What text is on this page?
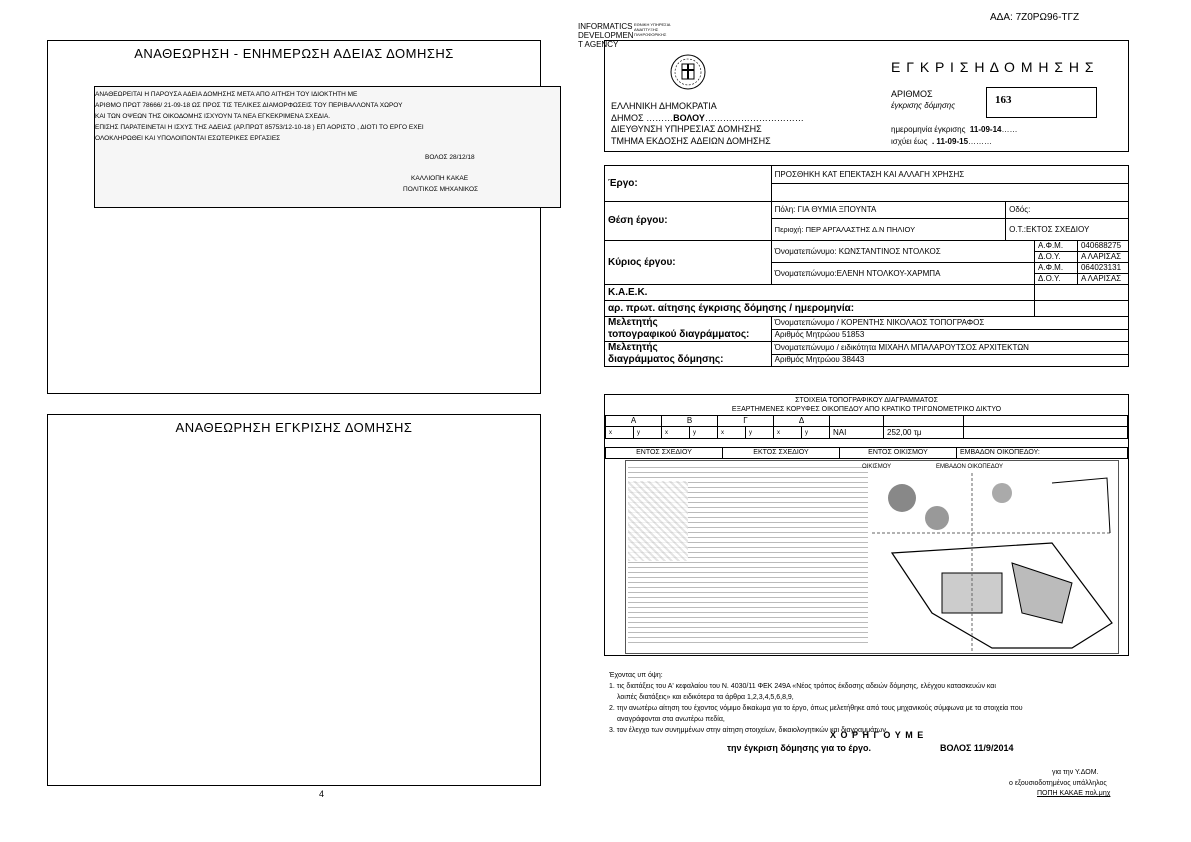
ΑΔΑ: 7Ζ0ΡΩ96-ΤΓΖ
INFORMATICS
DEVELOPMEN
T AGENCY
ΕΘΝΙΚΗ ΥΠΗΡΕΣΙΑ
ΑΝΑΠΤΥΞΗΣ
ΠΛΗΡΟΦΟΡΙΚΗΣ
ΑΝΑΘΕΩΡΗΣΗ - ΕΝΗΜΕΡΩΣΗ ΑΔΕΙΑΣ ΔΟΜΗΣΗΣ
ΑΝΑΘΕΩΡΕΙΤΑΙ Η ΠΑΡΟΥΣΑ ΑΔΕΙΑ ΔΟΜΗΣΗΣ ΜΕΤΑ ΑΠΟ ΑΙΤΗΣΗ ΤΟΥ ΙΔΙΟΚΤΗΤΗ ΜΕ
ΑΡΙΘΜΟ ΠΡΩΤ 78666/ 21-09-18 ΩΣ ΠΡΟΣ ΤΙΣ ΤΕΛΙΚΕΣ ΔΙΑΜΟΡΦΩΣΕΙΣ ΤΟΥ ΠΕΡΙΒΑΛΛΟΝΤΑ ΧΩΡΟΥ
ΚΑΙ ΤΩΝ ΟΨΕΩΝ ΤΗΣ ΟΙΚΟΔΟΜΗΣ ΙΣΧΥΟΥΝ ΤΑ ΝΕΑ ΕΓΚΕΚΡΙΜΕΝΑ ΣΧΕΔΙΑ.
ΕΠΙΣΗΣ ΠΑΡΑΤΕΙΝΕΤΑΙ Η ΙΣΧΥΣ ΤΗΣ ΑΔΕΙΑΣ (ΑΡ.ΠΡΩΤ 85753/12-10-18 ) ΕΠ ΑΟΡΙΣΤΟ , ΔΙΟΤΙ ΤΟ ΕΡΓΟ ΕΧΕΙ
ΟΛΟΚΛΗΡΩΘΕΙ ΚΑΙ ΥΠΟΛΟΙΠΟΝΤΑΙ ΕΣΩΤΕΡΙΚΕΣ ΕΡΓΑΣΙΕΣ
ΒΟΛΟΣ 28/12/18
ΚΑΛΛΙΟΠΗ ΚΑΚΑΕ
ΠΟΛΙΤΙΚΟΣ ΜΗΧΑΝΙΚΟΣ
ΑΝΑΘΕΩΡΗΣΗ ΕΓΚΡΙΣΗΣ ΔΟΜΗΣΗΣ
4
ΕΛΛΗΝΙΚΗ ΔΗΜΟΚΡΑΤΙΑ
ΔΗΜΟΣ ………ΒΟΛΟΥ……………………………
ΔΙΕΥΘΥΝΣΗ ΥΠΗΡΕΣΙΑΣ ΔΟΜΗΣΗΣ
ΤΜΗΜΑ ΕΚΔΟΣΗΣ ΑΔΕΙΩΝ ΔΟΜΗΣΗΣ
Ε Γ Κ Ρ Ι Σ Η Δ Ο Μ Η Σ Η Σ
ΑΡΙΘΜΟΣ
έγκρισης δόμησης	163
ημερομηνία έγκρισης 11-09-14……
ισχύει έως . 11-09-15………
Έργο:	ΠΡΟΣΘΗΚΗ ΚΑΤ ΕΠΕΚΤΑΣΗ ΚΑΙ ΑΛΛΑΓΗ ΧΡΗΣΗΣ			

Θέση έργου:	Πόλη: ΓΙΑ ΘΥΜΙΑ ΞΠΟΥΝΤΑ	Οδός:		
	Περιοχή: ΠΕΡ ΑΡΓΑΛΑΣΤΗΣ Δ.Ν ΠΗΛΙΟΥ	Ο.Τ.:ΕΚΤΟΣ ΣΧΕΔΙΟΥ		
Κύριος έργου:	Όνοματεπώνυμο: ΚΩΝΣΤΑΝΤΙΝΟΣ ΝΤΟΛΚΟΣ		Α.Φ.Μ.	040688275
			Δ.Ο.Υ.	Α ΛΑΡΙΣΑΣ
	Όνοματεπώνυμο:ΕΛΕΝΗ ΝΤΟΛΚΟΥ-ΧΑΡΜΠΑ		Α.Φ.Μ.	064023131
			Δ.Ο.Υ.	Α ΛΑΡΙΣΑΣ
Κ.Α.Ε.Κ.				
αρ. πρωτ. αίτησης έγκρισης δόμησης / ημερομηνία:				

Μελετητής
τοπογραφικού διαγράμματος:	Όνοματεπώνυμο / ΚΟΡΕΝΤΗΣ ΝΙΚΟΛΑΟΣ ΤΟΠΟΓΡΑΦΟΣ			
	Αριθμός Μητρώου 51853			

Μελετητής
διαγράμματος δόμησης:	Όνοματεπώνυμο / ειδικότητα ΜΙΧΑΗΛ ΜΠΑΛΑΡΟΥΤΣΟΣ ΑΡΧΙΤΕΚΤΩΝ			
	Αριθμός Μητρώου 38443			
ΣΤΟΙΧΕΙΑ ΤΟΠΟΓΡΑΦΙΚΟΥ ΔΙΑΓΡΑΜΜΑΤΟΣ
ΕΞΑΡΤΗΜΕΝΕΣ ΚΟΡΥΦΕΣ ΟΙΚΟΠΕΔΟΥ ΑΠΟ ΚΡΑΤΙΚΟ ΤΡΙΓΩΝΟΜΕΤΡΙΚΟ ΔΙΚΤΥΟ
Α		Β		Γ		Δ				
x	y	x	y	x	y	x	y	ΝΑΙ	252,00 τμ	
ΕΝΤΟΣ ΣΧΕΔΙΟΥ	ΕΚΤΟΣ ΣΧΕΔΙΟΥ	ΕΝΤΟΣ ΟΙΚΙΣΜΟΥ	ΕΜΒΑΔΟΝ ΟΙΚΟΠΕΔΟΥ:
ΟΙΚΙΣΜΟΥ	ΕΜΒΑΔΟΝ ΟΙΚΟΠΕΔΟΥ
Έχοντας υπ όψη:
1. τις διατάξεις του Α' κεφαλαίου του Ν. 4030/11 ΦΕΚ 249Α «Νέος τρόπος έκδοσης αδειών δόμησης, ελέγχου κατασκευών και
λοιπές διατάξεις» και ειδικότερα τα άρθρα 1,2,3,4,5,6,8,9,
2. την ανωτέρω αίτηση του έχοντος νόμιμο δικαίωμα για το έργο, όπως μελετήθηκε από τους μηχανικούς σύμφωνα με τα στοιχεία που
αναγράφονται στα ανωτέρω πεδία,
3. τον έλεγχο των συνημμένων στην αίτηση στοιχείων, δικαιολογητικών και διαγραμμάτων,
Χ Ο Ρ Η Γ Ο Υ Μ Ε
την έγκριση δόμησης για το έργο.	ΒΟΛΟΣ 11/9/2014
για την Υ.ΔΟΜ.
ο εξουσιοδοτημένος υπάλληλος
ΠΟΠΗ ΚΑΚΑΕ πολ.μηχ
